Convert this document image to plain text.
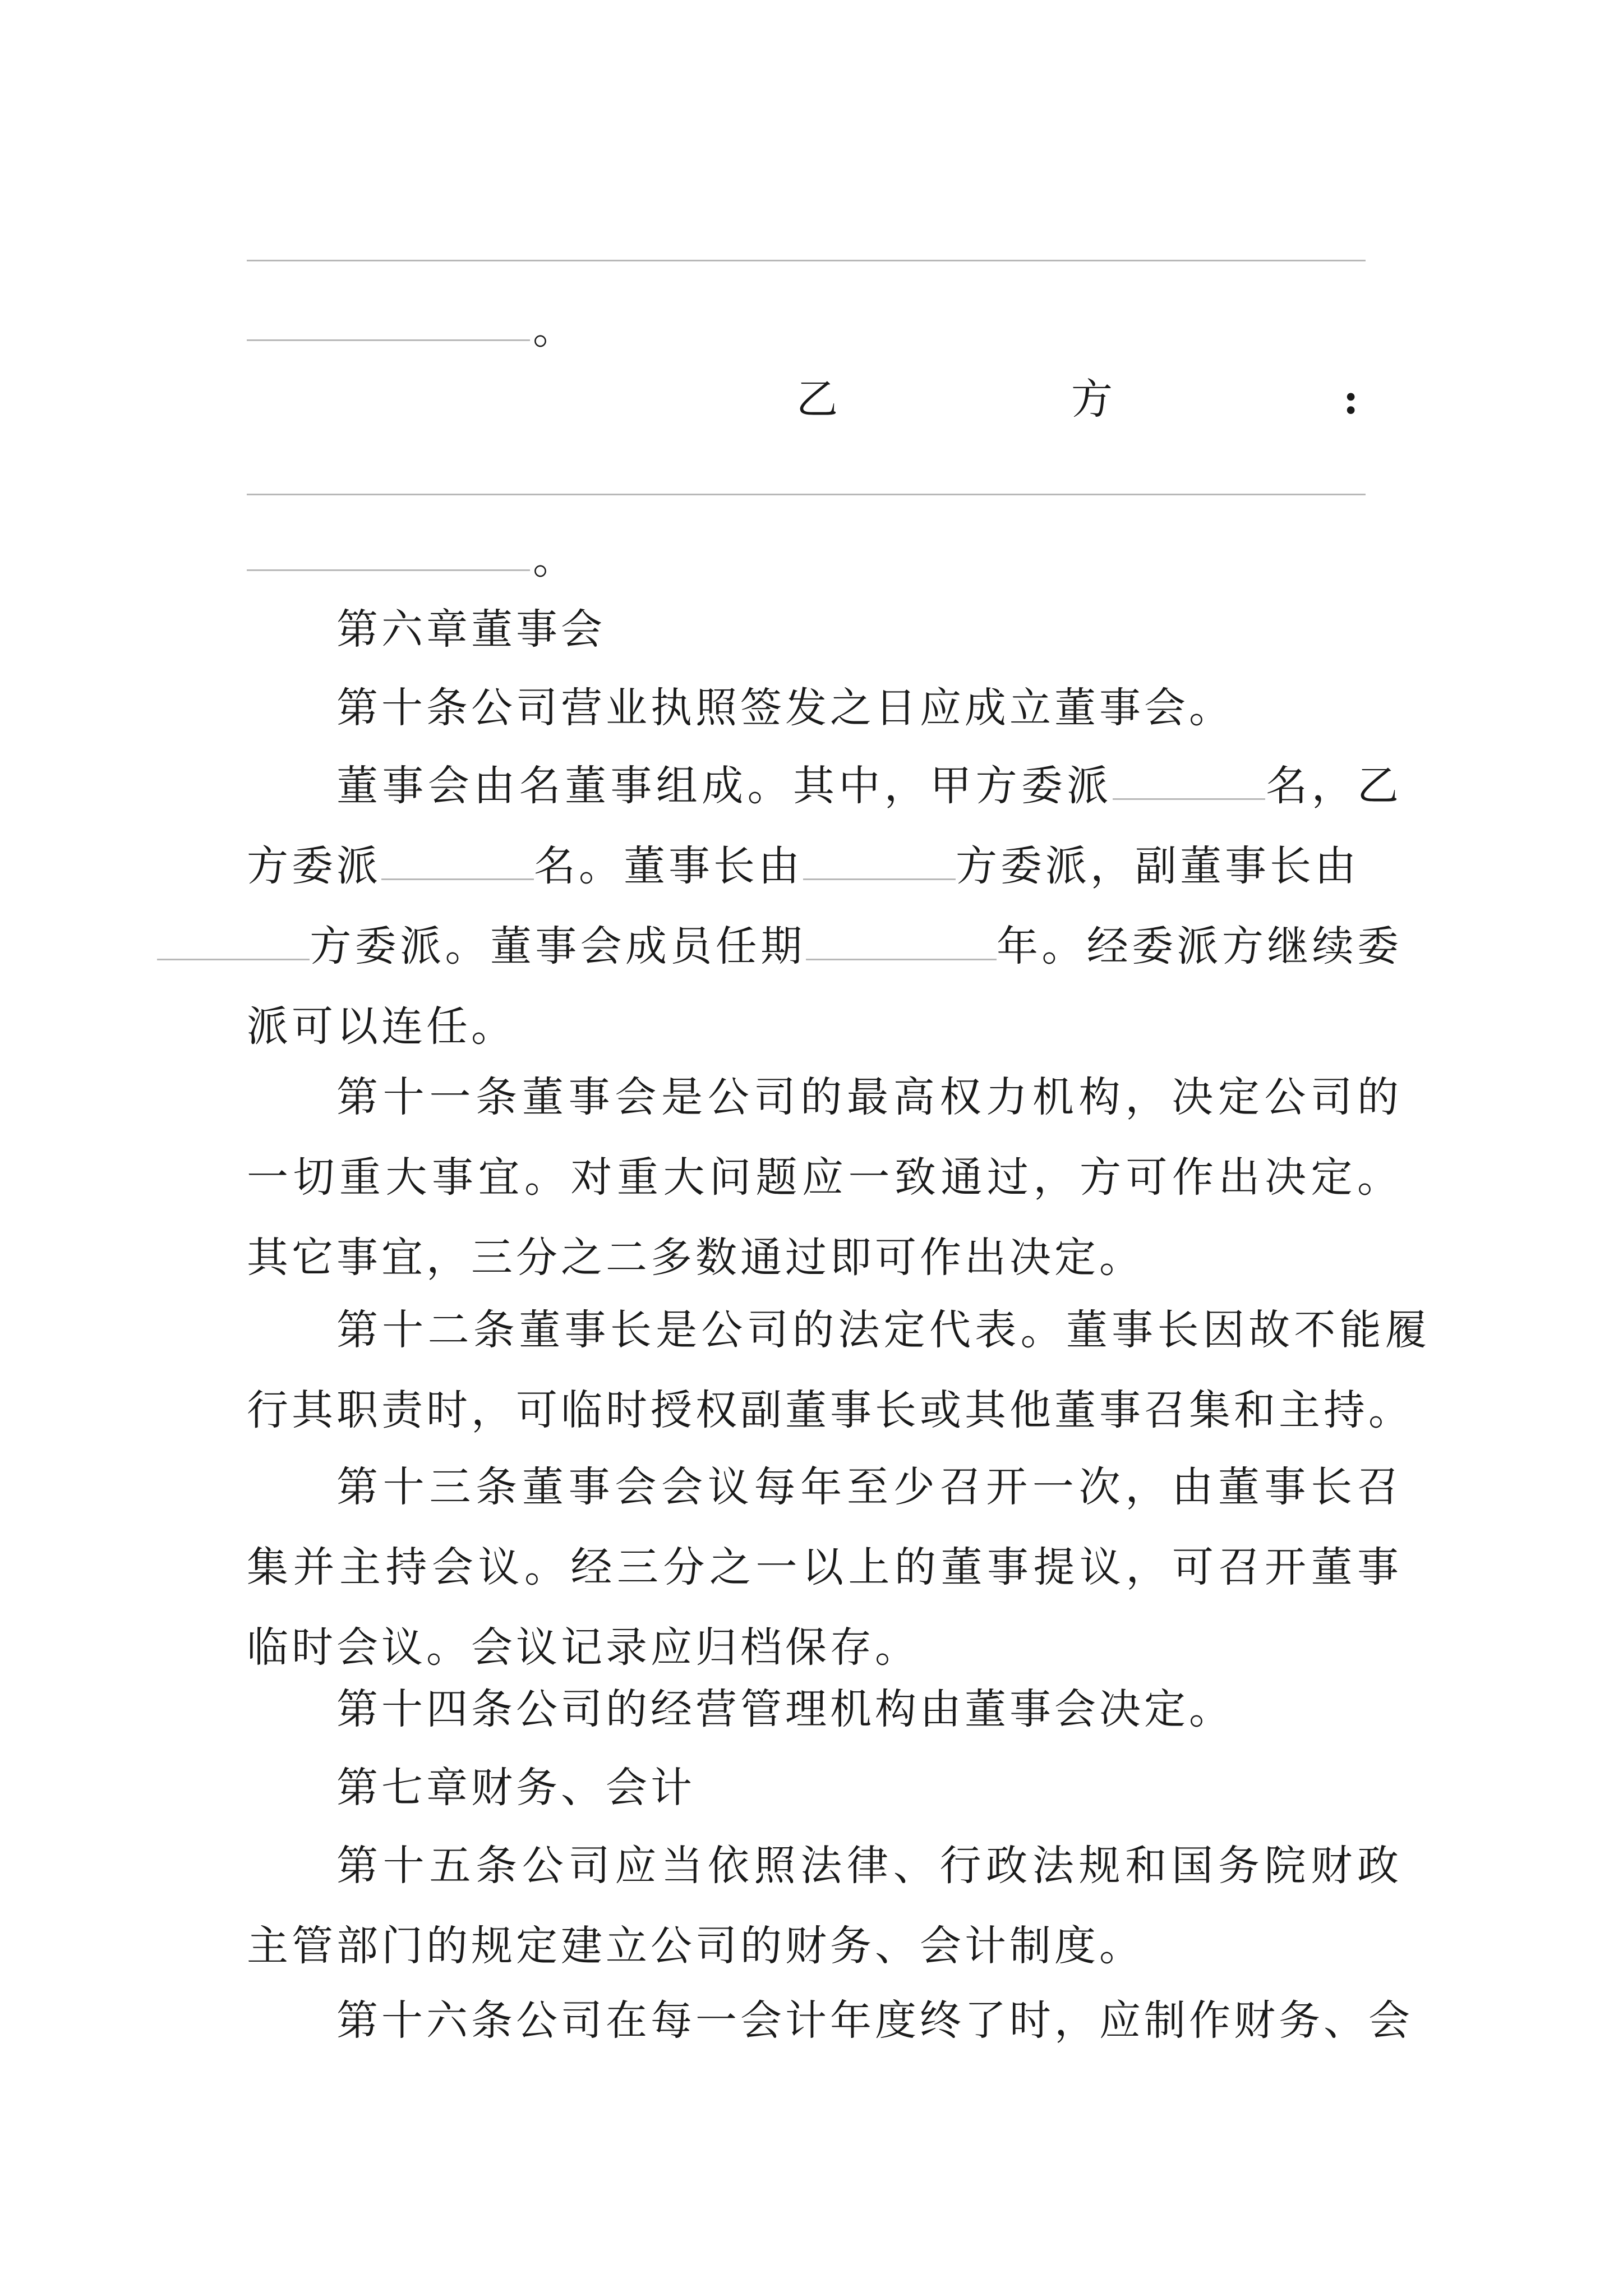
。
乙	方	:
。
第六章董事会
第十条公司营业执照签发之日应成立董事会。

董事会由名董事组成。其中，甲方委派	名，乙方委派	名。董事长由	方委派，副董事长由
方委派。董事会成员任期	年。经委派方继续委派可以连任。

第十一条董事会是公司的最高权力机构，决定公司的一切重大事宜。对重大问题应一致通过，方可作出决定。其它事宜，三分之二多数通过即可作出决定。

第十二条董事长是公司的法定代表。董事长因故不能履行其职责时，可临时授权副董事长或其他董事召集和主持。

第十三条董事会会议每年至少召开一次，由董事长召集并主持会议。经三分之一以上的董事提议，可召开董事临时会议。会议记录应归档保存。

第十四条公司的经营管理机构由董事会决定。
第七章财务、会计

第十五条公司应当依照法律、行政法规和国务院财政主管部门的规定建立公司的财务、会计制度。

第十六条公司在每一会计年度终了时，应制作财务、会
